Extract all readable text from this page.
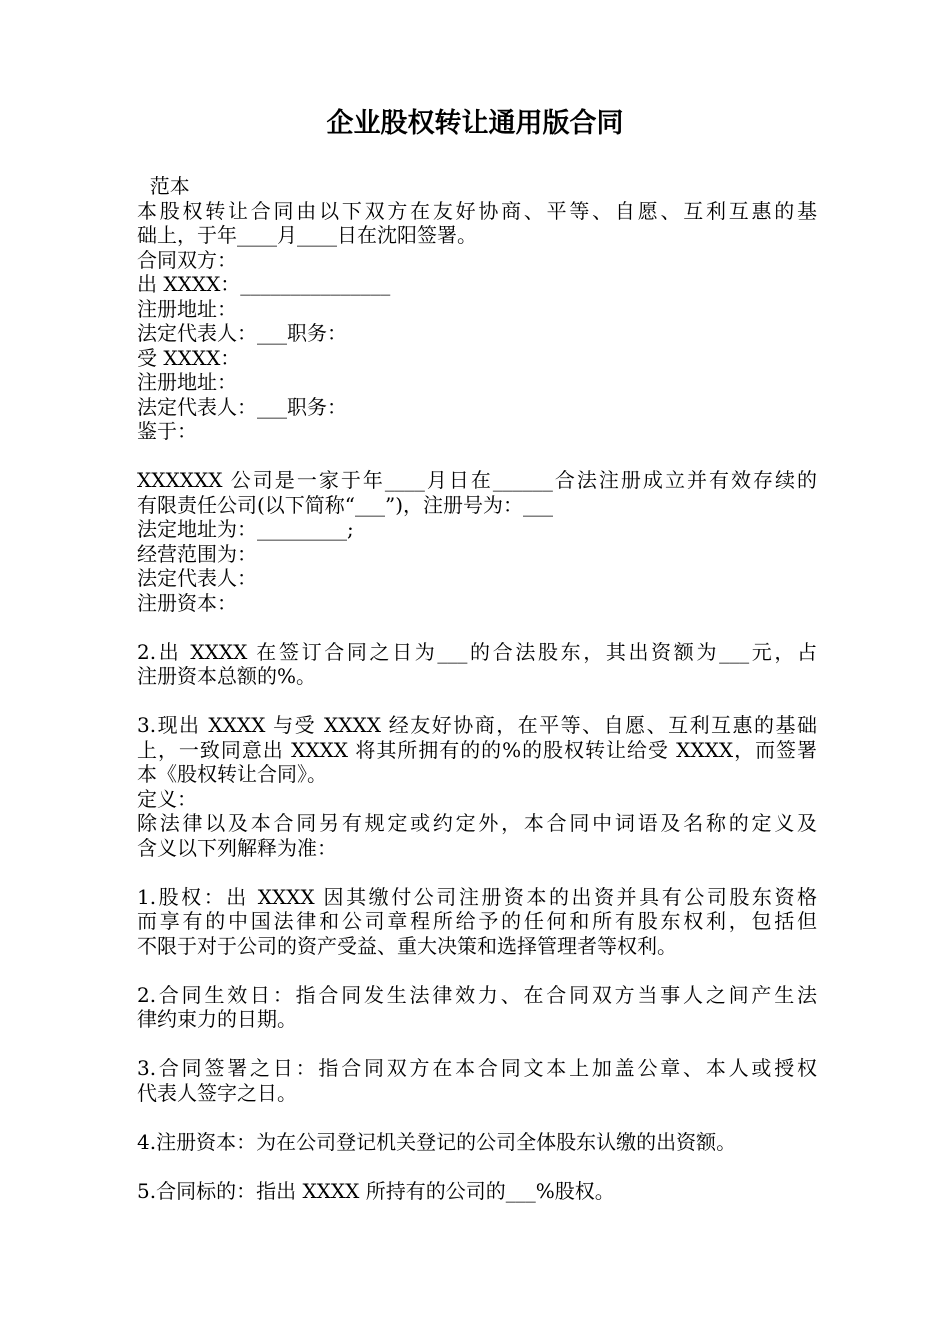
企业股权转让通用版合同
范本
本股权转让合同由以下双方在友好协商、平等、自愿、互利互惠的基
础上，于年____月____日在沈阳签署。
合同双方：
出 XXXX：_______________
注册地址：
法定代表人：___职务：
受 XXXX：
注册地址：
法定代表人：___职务：
鉴于：
XXXXXX 公司是一家于年____月日在______合法注册成立并有效存续的
有限责任公司(以下简称“___”)，注册号为：___
法定地址为：_________;
经营范围为：
法定代表人：
注册资本：
2.出 XXXX 在签订合同之日为___的合法股东，其出资额为___元，占
注册资本总额的%。
3.现出 XXXX 与受 XXXX 经友好协商，在平等、自愿、互利互惠的基础
上，一致同意出 XXXX 将其所拥有的的%的股权转让给受 XXXX，而签署
本《股权转让合同》。
定义：
除法律以及本合同另有规定或约定外，本合同中词语及名称的定义及
含义以下列解释为准：
1.股权：出 XXXX 因其缴付公司注册资本的出资并具有公司股东资格
而享有的中国法律和公司章程所给予的任何和所有股东权利，包括但
不限于对于公司的资产受益、重大决策和选择管理者等权利。
2.合同生效日：指合同发生法律效力、在合同双方当事人之间产生法
律约束力的日期。
3.合同签署之日：指合同双方在本合同文本上加盖公章、本人或授权
代表人签字之日。
4.注册资本：为在公司登记机关登记的公司全体股东认缴的出资额。
5.合同标的：指出 XXXX 所持有的公司的___%股权。
